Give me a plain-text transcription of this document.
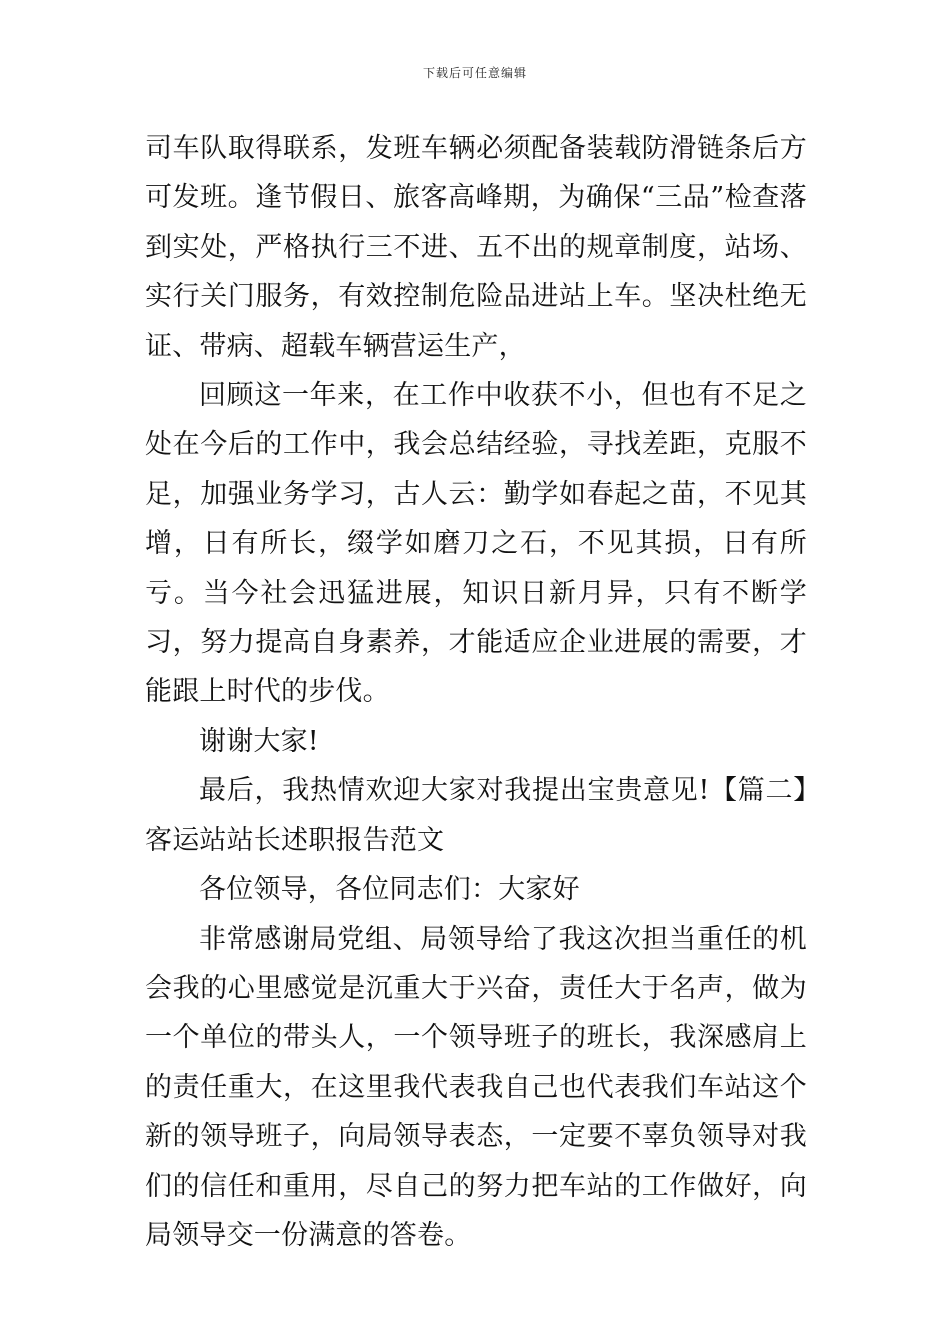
下载后可任意编辑

司车队取得联系，发班车辆必须配备装载防滑链条后方可发班。逢节假日、旅客高峰期，为确保“三品”检查落到实处，严格执行三不进、五不出的规章制度，站场、实行关门服务，有效控制危险品进站上车。坚决杜绝无证、带病、超载车辆营运生产，

回顾这一年来，在工作中收获不小，但也有不足之处在今后的工作中，我会总结经验，寻找差距，克服不足，加强业务学习，古人云：勤学如春起之苗，不见其增，日有所长，缀学如磨刀之石，不见其损，日有所亏。当今社会迅猛进展，知识日新月异，只有不断学习，努力提高自身素养，才能适应企业进展的需要，才能跟上时代的步伐。

谢谢大家!

最后，我热情欢迎大家对我提出宝贵意见!【篇二】客运站站长述职报告范文

各位领导，各位同志们：大家好

非常感谢局党组、局领导给了我这次担当重任的机会我的心里感觉是沉重大于兴奋，责任大于名声，做为一个单位的带头人，一个领导班子的班长，我深感肩上的责任重大，在这里我代表我自己也代表我们车站这个新的领导班子，向局领导表态，一定要不辜负领导对我们的信任和重用，尽自己的努力把车站的工作做好，向局领导交一份满意的答卷。
